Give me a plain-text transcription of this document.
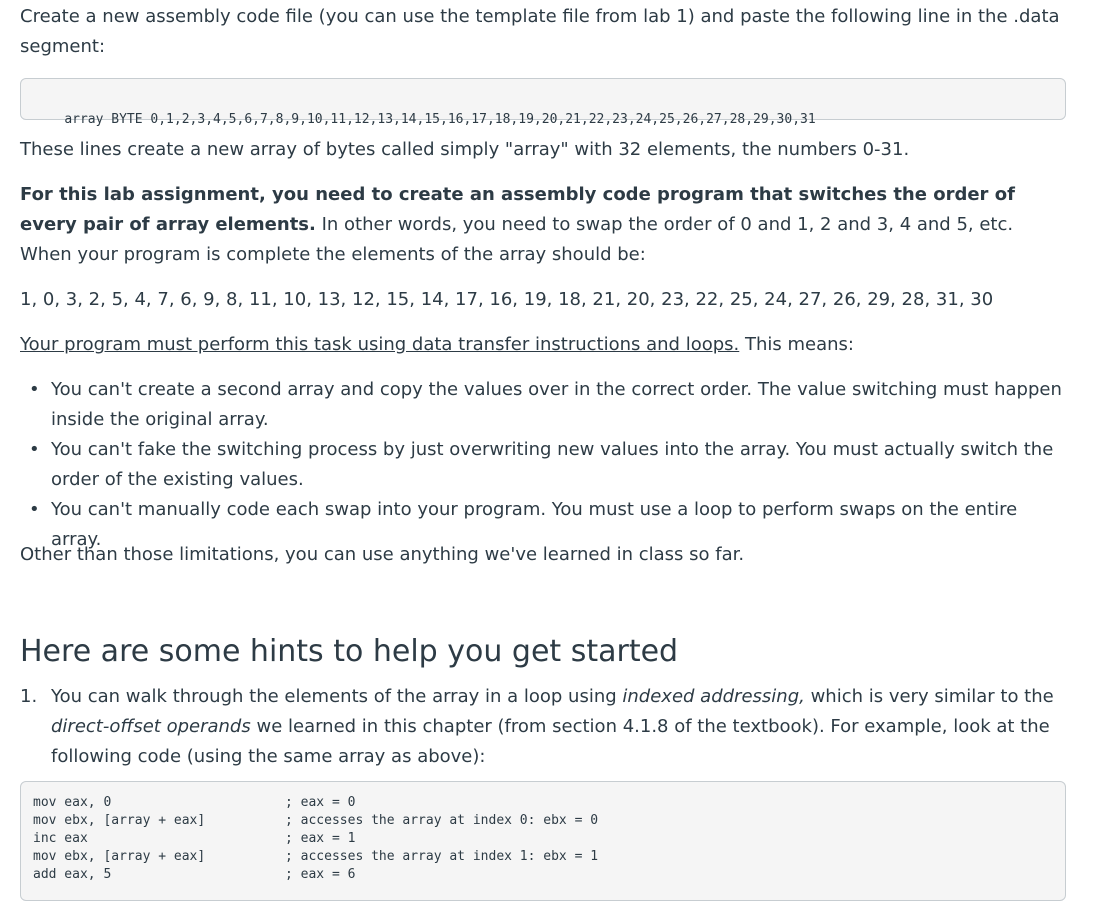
Create a new assembly code file (you can use the template file from lab 1) and paste the following line in the .data segment:

array BYTE 0,1,2,3,4,5,6,7,8,9,10,11,12,13,14,15,16,17,18,19,20,21,22,23,24,25,26,27,28,29,30,31

These lines create a new array of bytes called simply "array" with 32 elements, the numbers 0-31.

For this lab assignment, you need to create an assembly code program that switches the order of every pair of array elements. In other words, you need to swap the order of 0 and 1, 2 and 3, 4 and 5, etc. When your program is complete the elements of the array should be:

1, 0, 3, 2, 5, 4, 7, 6, 9, 8, 11, 10, 13, 12, 15, 14, 17, 16, 19, 18, 21, 20, 23, 22, 25, 24, 27, 26, 29, 28, 31, 30

Your program must perform this task using data transfer instructions and loops. This means:

• You can't create a second array and copy the values over in the correct order. The value switching must happen inside the original array.
• You can't fake the switching process by just overwriting new values into the array. You must actually switch the order of the existing values.
• You can't manually code each swap into your program. You must use a loop to perform swaps on the entire array.

Other than those limitations, you can use anything we've learned in class so far.

Here are some hints to help you get started
1. You can walk through the elements of the array in a loop using indexed addressing, which is very similar to the direct-offset operands we learned in this chapter (from section 4.1.8 of the textbook). For example, look at the following code (using the same array as above):
mov eax, 0	; eax = 0
mov ebx, [array + eax]	; accesses the array at index 0: ebx = 0
inc eax	; eax = 1
mov ebx, [array + eax]	; accesses the array at index 1: ebx = 1
add eax, 5	; eax = 6
